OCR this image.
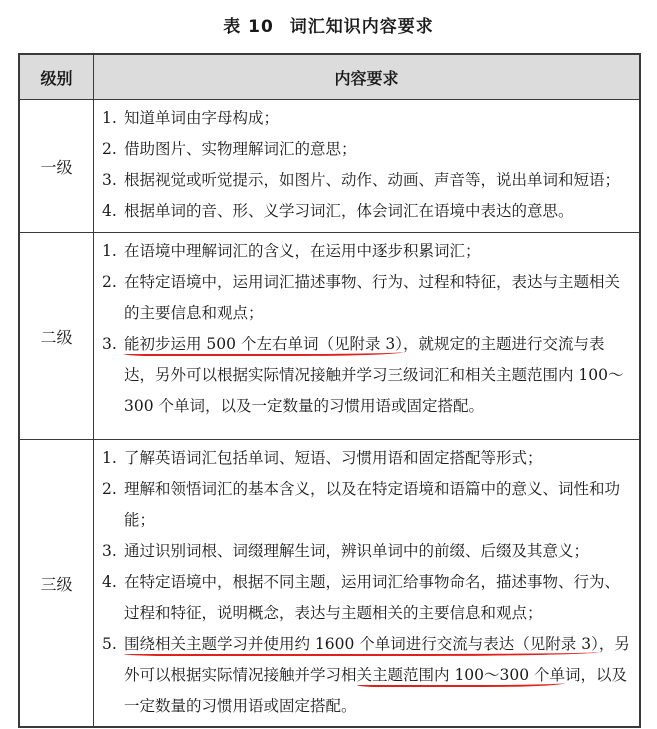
表 10 词汇知识内容要求
级别	内容要求
一级	
1. 知道单词由字母构成；
2. 借助图片、实物理解词汇的意思；
3. 根据视觉或听觉提示，如图片、动作、动画、声音等，说出单词和短语；
4. 根据单词的音、形、义学习词汇，体会词汇在语境中表达的意思。

二级	
1. 在语境中理解词汇的含义，在运用中逐步积累词汇；
2. 在特定语境中，运用词汇描述事物、行为、过程和特征，表达与主题相关的主要信息和观点；
3. 能初步运用 500 个左右单词（见附录 3），就规定的主题进行交流与表达，另外可以根据实际情况接触并学习三级词汇和相关主题范围内 100～300 个单词，以及一定数量的习惯用语或固定搭配。

三级	
1. 了解英语词汇包括单词、短语、习惯用语和固定搭配等形式；
2. 理解和领悟词汇的基本含义，以及在特定语境和语篇中的意义、词性和功能；
3. 通过识别词根、词缀理解生词，辨识单词中的前缀、后缀及其意义；
4. 在特定语境中，根据不同主题，运用词汇给事物命名，描述事物、行为、过程和特征，说明概念，表达与主题相关的主要信息和观点；
5. 围绕相关主题学习并使用约 1600 个单词进行交流与表达（见附录 3），另外可以根据实际情况接触并学习相关主题范围内 100～300 个单词，以及一定数量的习惯用语或固定搭配。
